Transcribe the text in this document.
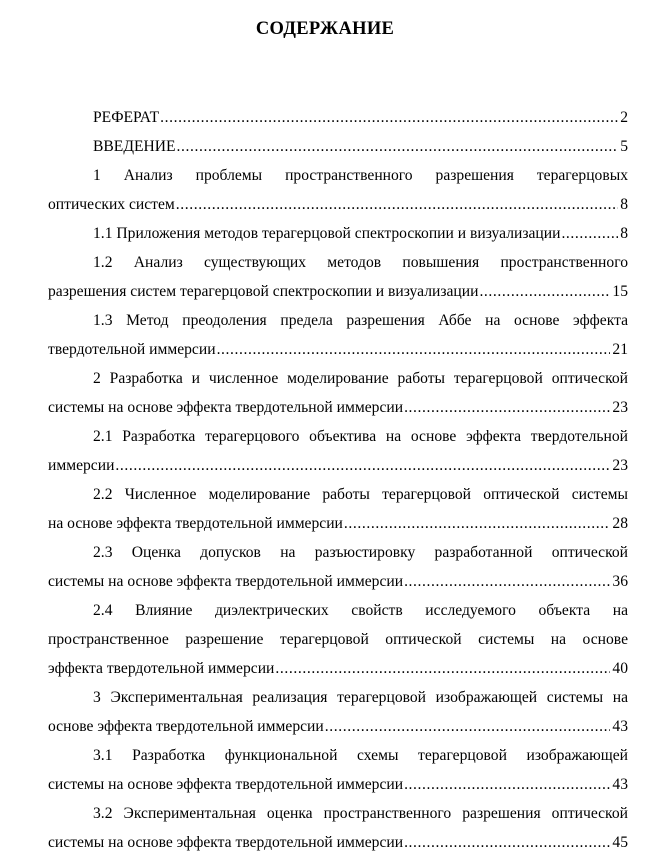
СОДЕРЖАНИЕ
РЕФЕРАТ .....	2
ВВЕДЕНИЕ .....	5
1 Анализ проблемы пространственного разрешения терагерцовых
оптических систем .....	8
1.1 Приложения методов терагерцовой спектроскопии и визуализации .....	8
1.2 Анализ существующих методов повышения пространственного
разрешения систем терагерцовой спектроскопии и визуализации .....	15
1.3 Метод преодоления предела разрешения Аббе на основе эффекта
твердотельной иммерсии .....	21
2 Разработка и численное моделирование работы терагерцовой оптической
системы на основе эффекта твердотельной иммерсии .....	23
2.1 Разработка терагерцового объектива на основе эффекта твердотельной
иммерсии .....	23
2.2 Численное моделирование работы терагерцовой оптической системы
на основе эффекта твердотельной иммерсии .....	28
2.3 Оценка допусков на разъюстировку разработанной оптической
системы на основе эффекта твердотельной иммерсии .....	36
2.4 Влияние диэлектрических свойств исследуемого объекта на
пространственное разрешение терагерцовой оптической системы на основе
эффекта твердотельной иммерсии .....	40
3 Экспериментальная реализация терагерцовой изображающей системы на
основе эффекта твердотельной иммерсии .....	43
3.1 Разработка функциональной схемы терагерцовой изображающей
системы на основе эффекта твердотельной иммерсии .....	43
3.2 Экспериментальная оценка пространственного разрешения оптической
системы на основе эффекта твердотельной иммерсии .....	45
